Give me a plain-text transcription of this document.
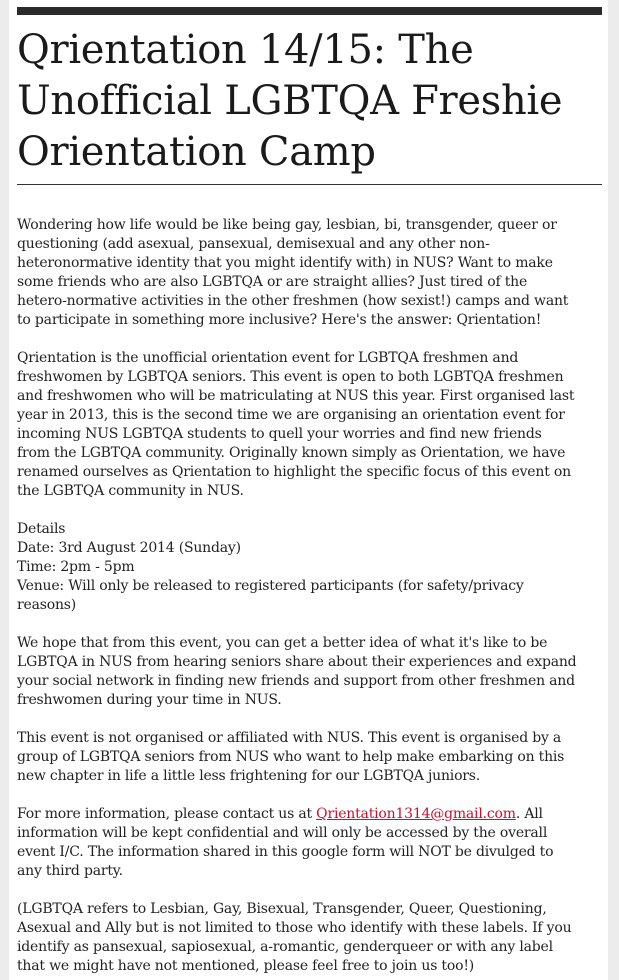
Qrientation 14/15: The
Unofficial LGBTQA Freshie
Orientation Camp

Wondering how life would be like being gay, lesbian, bi, transgender, queer or
questioning (add asexual, pansexual, demisexual and any other non-
heteronormative identity that you might identify with) in NUS? Want to make
some friends who are also LGBTQA or are straight allies? Just tired of the
hetero-normative activities in the other freshmen (how sexist!) camps and want
to participate in something more inclusive? Here's the answer: Qrientation!

Qrientation is the unofficial orientation event for LGBTQA freshmen and
freshwomen by LGBTQA seniors. This event is open to both LGBTQA freshmen
and freshwomen who will be matriculating at NUS this year. First organised last
year in 2013, this is the second time we are organising an orientation event for
incoming NUS LGBTQA students to quell your worries and find new friends
from the LGBTQA community. Originally known simply as Orientation, we have
renamed ourselves as Qrientation to highlight the specific focus of this event on
the LGBTQA community in NUS.

Details
Date: 3rd August 2014 (Sunday)
Time: 2pm - 5pm
Venue: Will only be released to registered participants (for safety/privacy
reasons)

We hope that from this event, you can get a better idea of what it's like to be
LGBTQA in NUS from hearing seniors share about their experiences and expand
your social network in finding new friends and support from other freshmen and
freshwomen during your time in NUS.

This event is not organised or affiliated with NUS. This event is organised by a
group of LGBTQA seniors from NUS who want to help make embarking on this
new chapter in life a little less frightening for our LGBTQA juniors.

For more information, please contact us at Qrientation1314@gmail.com. All
information will be kept confidential and will only be accessed by the overall
event I/C. The information shared in this google form will NOT be divulged to
any third party.

(LGBTQA refers to Lesbian, Gay, Bisexual, Transgender, Queer, Questioning,
Asexual and Ally but is not limited to those who identify with these labels. If you
identify as pansexual, sapiosexual, a-romantic, genderqueer or with any label
that we might have not mentioned, please feel free to join us too!)
